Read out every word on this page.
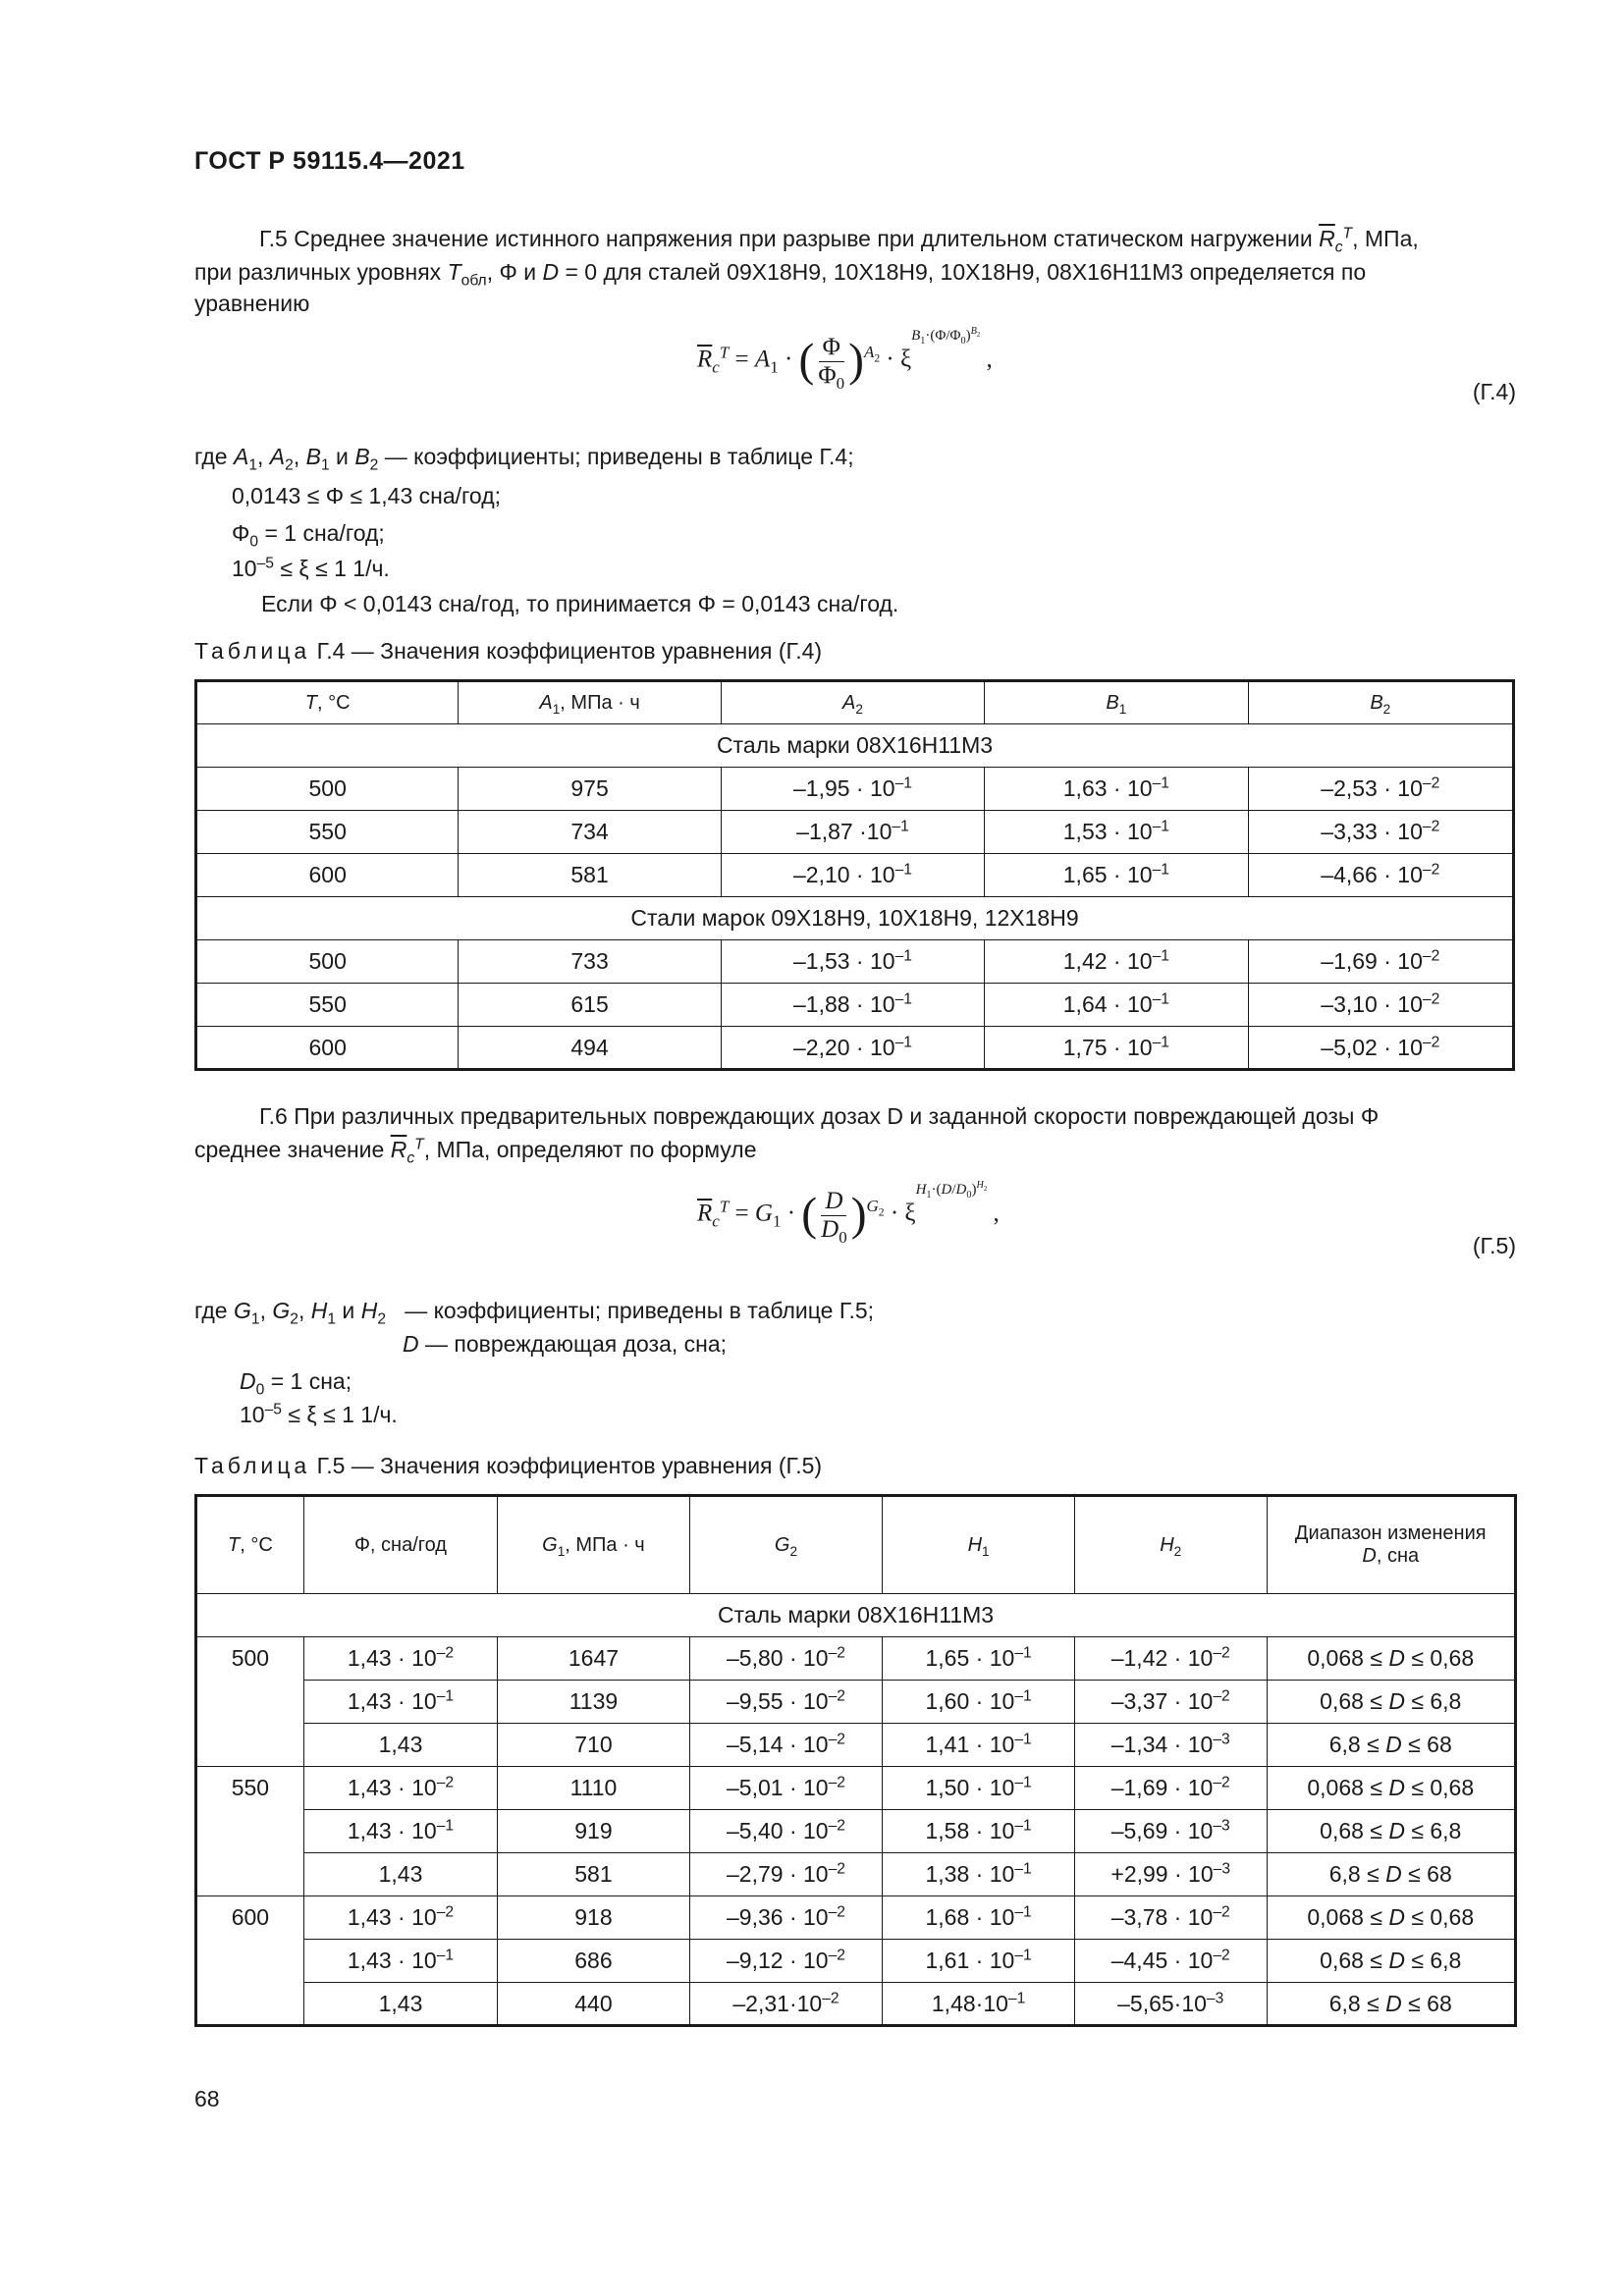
ГОСТ Р 59115.4—2021
Г.5 Среднее значение истинного напряжения при разрыве при длительном статическом нагружении $\overline{R}_c^T$, МПа,
при различных уровнях $T_{обл}$, Φ и D = 0 для сталей 09Х18Н9, 10Х18Н9, 10Х18Н9, 08Х16Н11М3 определяется по
уравнению
$\overline{R}_c^T = A_1$ · ( $\frac{\Phi}{\Phi_0} )^{A_2} \cdot \xi^{B_1\cdot(\Phi/\Phi_0)^{B_2}}$ ,
(Г.4)
где $A_1$, $A_2$, $B_1$ и $B_2$ — коэффициенты; приведены в таблице Г.4;
0,0143 ≤ Φ ≤ 1,43 сна/год;
$\Phi_0 = 1$ сна/год;
$10^{-5} \le \xi \le 1$ 1/ч.
Если Φ < 0,0143 сна/год, то принимается Φ = 0,0143 сна/год.
Таблица Г.4 — Значения коэффициентов уравнения (Г.4)
T, °C	$A_1$, МПа · ч	$A_2$	$B_1$	$B_2$
Сталь марки 08Х16Н11М3				
500	975	$-1,95 \cdot 10^{-1}$	$1,63 \cdot 10^{-1}$	$-2,53 \cdot 10^{-2}$
550	734	$-1,87 \cdot 10^{-1}$	$1,53 \cdot 10^{-1}$	$-3,33 \cdot 10^{-2}$
600	581	$-2,10 \cdot 10^{-1}$	$1,65 \cdot 10^{-1}$	$-4,66 \cdot 10^{-2}$
Стали марок 09Х18Н9, 10Х18Н9, 12Х18Н9				
500	733	$-1,53 \cdot 10^{-1}$	$1,42 \cdot 10^{-1}$	$-1,69 \cdot 10^{-2}$
550	615	$-1,88 \cdot 10^{-1}$	$1,64 \cdot 10^{-1}$	$-3,10 \cdot 10^{-2}$
600	494	$-2,20 \cdot 10^{-1}$	$1,75 \cdot 10^{-1}$	$-5,02 \cdot 10^{-2}$
Г.6 При различных предварительных повреждающих дозах D и заданной скорости повреждающей дозы Φ
среднее значение $\overline{R}_c^T$, МПа, определяют по формуле
$\overline{R}_c^T = G_1$ · ( $\frac{D}{D_0} )^{G_2} \cdot \xi^{H_1\cdot(D/D_0)^{H_2}}$ ,
(Г.5)
где $G_1$, $G_2$, $H_1$ и $H_2$ — коэффициенты; приведены в таблице Г.5;
D — повреждающая доза, сна;
$D_0 = 1$ сна;
$10^{-5} \le \xi \le 1$ 1/ч.
Таблица Г.5 — Значения коэффициентов уравнения (Г.5)
T, °C	Φ, сна/год	$G_1$, МПа · ч	$G_2$	$H_1$	$H_2$	Диапазон изменения
D, сна
Сталь марки 08Х16Н11М3						
500	$1,43 \cdot 10^{-2}$	1647	$-5,80 \cdot 10^{-2}$	$1,65 \cdot 10^{-1}$	$-1,42 \cdot 10^{-2}$	0,068 ≤ D ≤ 0,68
	$1,43 \cdot 10^{-1}$	1139	$-9,55 \cdot 10^{-2}$	$1,60 \cdot 10^{-1}$	$-3,37 \cdot 10^{-2}$	0,68 ≤ D ≤ 6,8
	1,43	710	$-5,14 \cdot 10^{-2}$	$1,41 \cdot 10^{-1}$	$-1,34 \cdot 10^{-3}$	6,8 ≤ D ≤ 68
550	$1,43 \cdot 10^{-2}$	1110	$-5,01 \cdot 10^{-2}$	$1,50 \cdot 10^{-1}$	$-1,69 \cdot 10^{-2}$	0,068 ≤ D ≤ 0,68
	$1,43 \cdot 10^{-1}$	919	$-5,40 \cdot 10^{-2}$	$1,58 \cdot 10^{-1}$	$-5,69 \cdot 10^{-3}$	0,68 ≤ D ≤ 6,8
	1,43	581	$-2,79 \cdot 10^{-2}$	$1,38 \cdot 10^{-1}$	$+2,99 \cdot 10^{-3}$	6,8 ≤ D ≤ 68
600	$1,43 \cdot 10^{-2}$	918	$-9,36 \cdot 10^{-2}$	$1,68 \cdot 10^{-1}$	$-3,78 \cdot 10^{-2}$	0,068 ≤ D ≤ 0,68
	$1,43 \cdot 10^{-1}$	686	$-9,12 \cdot 10^{-2}$	$1,61 \cdot 10^{-1}$	$-4,45 \cdot 10^{-2}$	0,68 ≤ D ≤ 6,8
	1,43	440	$-2,31\cdot 10^{-2}$	$1,48\cdot 10^{-1}$	$-5,65\cdot 10^{-3}$	6,8 ≤ D ≤ 68
68
